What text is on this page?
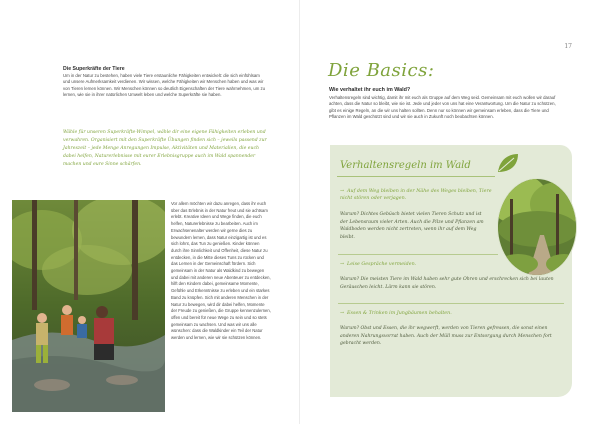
Die Superkräfte der Tiere

Um in der Natur zu bestehen, haben viele Tiere erstaunliche Fähigkeiten entwickelt: die sich einfühlsam und unsere Aufmerksamkeit verdienen. Wir wissen, welche Fähigkeiten wir Menschen haben und was wir von Tieren lernen können. Wir Menschen können so deutlich Eigenschaften der Tiere wahrnehmen, um zu lernen, wie sie in ihrer natürlichen Umwelt leben und welche Superkräfte sie haben.

Wähle für unseren Superkräfte-Wimpel, wähle dir eine eigene Fähigkeiten erleben und verwahren. Organisiert mit den Superkräfte Übungen finden sich – jeweils passend zur Jahreszeit – jede Menge Anregungen Impulse, Aktivitäten und Materialien, die euch dabei helfen, Naturerlebnisse mit eurer Erlebnisgruppe auch im Wald spannender machen und eure Sinne schärfen.

Vor allem möchten wir dazu anregen, dass ihr euch über das Erlebnis in der Natur freut und sie achtsam erlebt. Kreative Ideen und Wege finden, die euch helfen, Naturerlebnisse zu bearbeiten. Auch im Erwachsenenalter werden wir gerne dies zu bewundern lernen, dass Natur einzigartig ist und es sich lohnt, das Tun zu genießen. Kinder können durch ihre Sinnlichkeit und Offenheit, diese Natur zu entdecken, in die Mitte dieses Tuns zu rücken und das Lernen in der Gemeinschaft fördern. Sich gemeinsam in der Natur als Waldkind zu bewegen und dabei mit anderen neue Abenteuer zu entdecken, hilft den Kindern dabei, gemeinsame Momente, Gefühle und Erkenntnisse zu erleben und ein starkes Band zu knüpfen. Sich mit anderen Menschen in der Natur zu bewegen, wird dir dabei helfen, Momente der Freude zu genießen, die Gruppe kennenzulernen, offen und bereit für neue Wege zu sein und so stets gemeinsam zu wachsen. Und was wir uns alle wünschen: dass die Waldkinder ein Teil der Natur werden und lernen, wie wir sie schützen können.

17
Die Basics:
Wie verhaltet ihr euch im Wald?

Verhaltensregeln sind wichtig, damit ihr mit euch als Gruppe auf dem Weg seid. Gemeinsam mit euch wollen wir darauf achten, dass die Natur so bleibt, wie sie ist. Jede und jeder von uns hat eine Verantwortung. Um die Natur zu schützen, gibt es einige Regeln, an die wir uns halten sollten. Denn nur so können wir gemeinsam erleben, dass die Tiere und Pflanzen im Wald geschützt sind und wir sie auch in Zukunft noch beobachten können.

Verhaltensregeln im Wald

→ Auf dem Weg bleiben in der Nähe des Weges bleiben, Tiere nicht stören oder verjagen.

Warum? Dichtes Gebüsch bietet vielen Tieren Schutz und ist der Lebensraum vieler Arten. Auch die Pilze und Pflanzen am Waldboden werden nicht zertreten, wenn ihr auf dem Weg bleibt.

→ Leise Gespräche vermeiden.

Warum? Die meisten Tiere im Wald haben sehr gute Ohren und erschrecken sich bei lauten Geräuschen leicht. Lärm kann sie stören.

→ Essen & Trinken im Jungbäumen behalten.

Warum? Obst und Essen, die ihr wegwerft, werden von Tieren gefressen, die sonst einen anderen Nahrungsvorrat haben. Auch der Müll muss zur Entsorgung durch Menschen fort gebracht werden.
